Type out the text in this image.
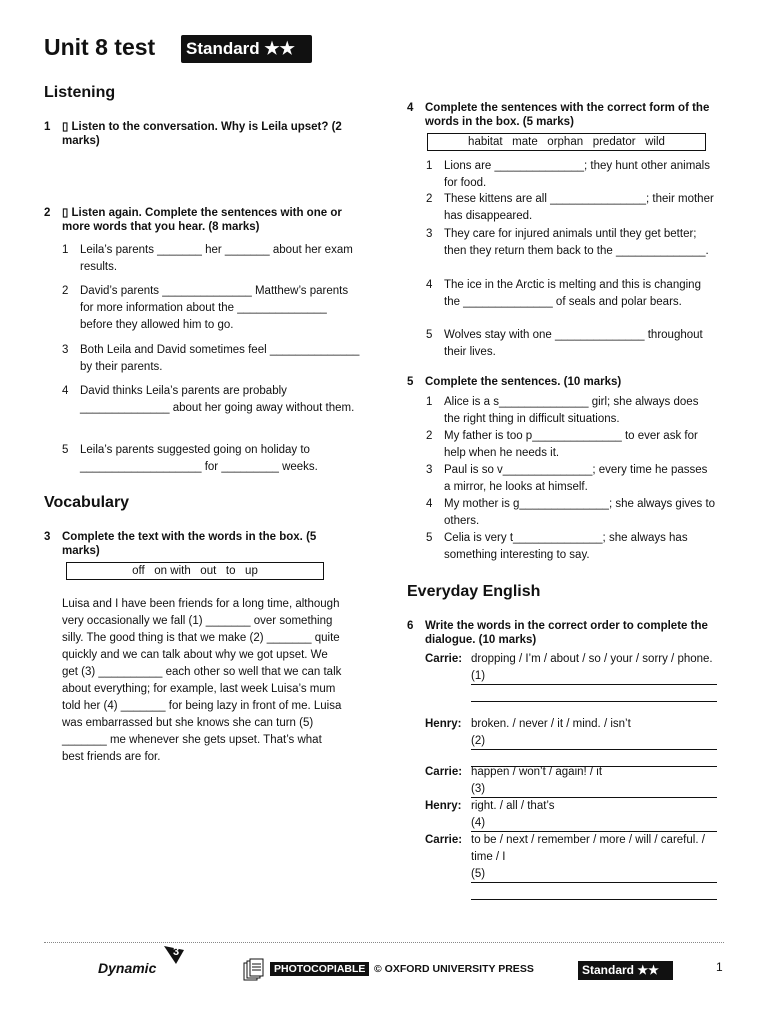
Unit 8 test Standard ★★
Listening
1 ▯ Listen to the conversation. Why is Leila upset? (2 marks)
2 ▯ Listen again. Complete the sentences with one or more words that you hear. (8 marks)
1 Leila’s parents _______ her _______ about her exam results.
2 David’s parents ______________ Matthew’s parents for more information about the ______________ before they allowed him to go.
3 Both Leila and David sometimes feel ______________ by their parents.
4 David thinks Leila’s parents are probably ______________ about her going away without them.
5 Leila’s parents suggested going on holiday to ___________________ for _________ weeks.
Vocabulary
3 Complete the text with the words in the box. (5 marks)
off   on with   out   to   up
Luisa and I have been friends for a long time, although very occasionally we fall (1) _______ over something silly. The good thing is that we make (2) _______ quite quickly and we can talk about why we got upset. We get (3) __________ each other so well that we can talk about everything; for example, last week Luisa’s mum told her (4) _______ for being lazy in front of me. Luisa was embarrassed but she knows she can turn (5) _______ me whenever she gets upset. That’s what best friends are for.
4 Complete the sentences with the correct form of the words in the box. (5 marks)
habitat   mate   orphan   predator   wild
1 Lions are ______________; they hunt other animals for food.
2 These kittens are all _______________; their mother has disappeared.
3 They care for injured animals until they get better; then they return them back to the ______________.
4 The ice in the Arctic is melting and this is changing the ______________ of seals and polar bears.
5 Wolves stay with one ______________ throughout their lives.
5 Complete the sentences. (10 marks)
1 Alice is a s______________ girl; she always does the right thing in difficult situations.
2 My father is too p______________ to ever ask for help when he needs it.
3 Paul is so v______________; every time he passes a mirror, he looks at himself.
4 My mother is g______________; she always gives to others.
5 Celia is very t______________; she always has something interesting to say.
Everyday English
6 Write the words in the correct order to complete the dialogue. (10 marks)
Carrie: dropping / I’m / about / so / your / sorry / phone.
(1)
Henry: broken. / never / it / mind. / isn’t
(2)
Carrie: happen / won’t / again! / it
(3)
Henry: right. / all / that’s
(4)
Carrie: to be / next / remember / more / will / careful. / time / I
(5)
Dynamic
3
PHOTOCOPIABLE © OXFORD UNIVERSITY PRESS	Standard ★★	1
